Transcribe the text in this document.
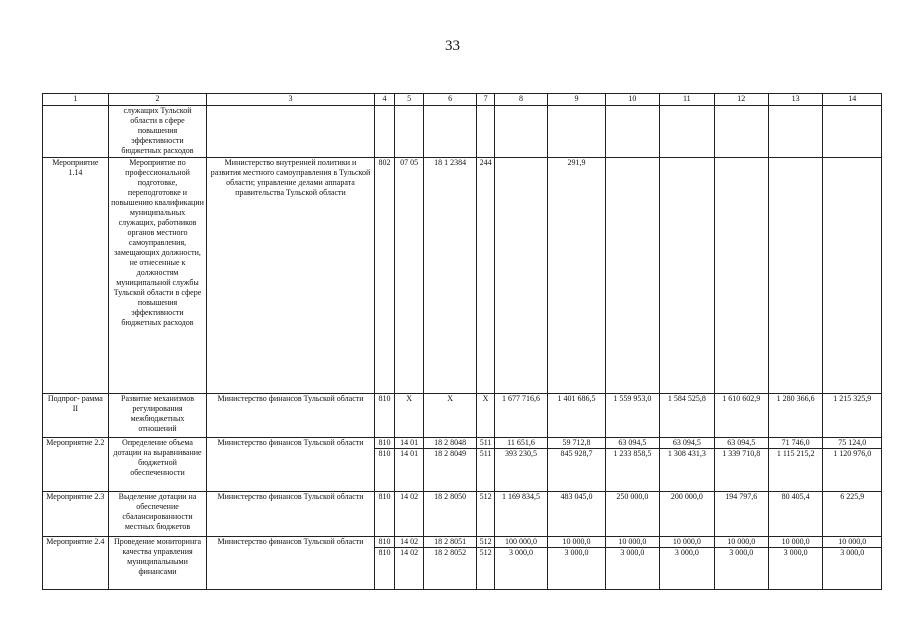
33
1	2	3	4	5	6	7	8	9	10	11	12	13	14
	служащих Тульской области в сфере повышения эффективности бюджетных расходов												
Мероприятие 1.14	Мероприятие по профессиональной подготовке, переподготовке и повышению квалификации муниципальных служащих, работников органов местного самоуправления, замещающих должности, не отнесенные к должностям муниципальной службы Тульской области в сфере повышения эффективности бюджетных расходов	Министерство внутренней политики и развития местного самоуправления в Тульской области; управление делами аппарата правительства Тульской области	802	07 05	18 1 2384	244		291,9					
Подпрог- рамма II	Развитие механизмов регулирования межбюджетных отношений	Министерство финансов Тульской области	810	X	X	X	1 677 716,6	1 401 686,5	1 559 953,0	1 584 525,8	1 610 602,9	1 280 366,6	1 215 325,9
Мероприятие 2.2	Определение объема дотации на выравнивание бюджетной обеспеченности	Министерство финансов Тульской области	810	14 01	18 2 8048	511	11 651,6	59 712,8	63 094,5	63 094,5	63 094,5	71 746,0	75 124,0
			810	14 01	18 2 8049	511	393 230,5	845 928,7	1 233 858,5	1 308 431,3	1 339 710,8	1 115 215,2	1 120 976,0
Мероприятие 2.3	Выделение дотации на обеспечение сбалансированности местных бюджетов	Министерство финансов Тульской области	810	14 02	18 2 8050	512	1 169 834,5	483 045,0	250 000,0	200 000,0	194 797,6	80 405,4	6 225,9
Мероприятие 2.4	Проведение мониторинга качества управления муниципальными финансами	Министерство финансов Тульской области	810	14 02	18 2 8051	512	100 000,0	10 000,0	10 000,0	10 000,0	10 000,0	10 000,0	10 000,0
			810	14 02	18 2 8052	512	3 000,0	3 000,0	3 000,0	3 000,0	3 000,0	3 000,0	3 000,0
